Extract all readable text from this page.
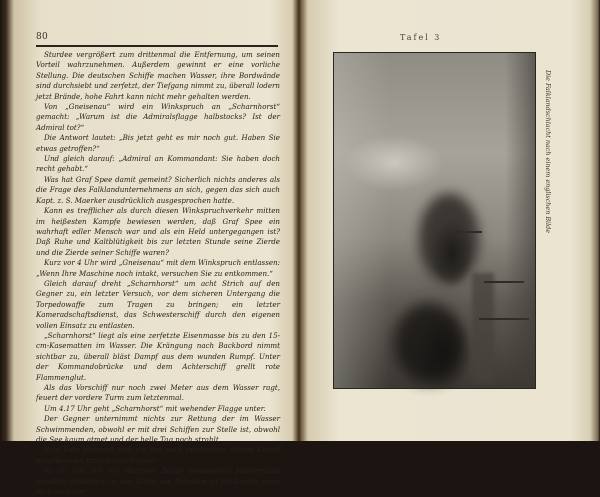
80

Sturdee vergrößert zum drittenmal die Entfernung, um seinen Vorteil wahrzunehmen. Außerdem gewinnt er eine vorliche Stellung. Die deutschen Schiffe machen Wasser, ihre Bordwände sind durchsiebt und zerfetzt, der Tiefgang nimmt zu, überall lodern jetzt Brände, hohe Fahrt kann nicht mehr gehalten werden.

Von „Gneisenau“ wird ein Winkspruch an „Scharnhorst“ gemacht: „Warum ist die Admiralsflagge halbstocks? Ist der Admiral tot?“

Die Antwort lautet: „Bis jetzt geht es mir noch gut. Haben Sie etwas getroffen?“

Und gleich darauf: „Admiral an Kommandant: Sie haben doch recht gehabt.“

Was hat Graf Spee damit gemeint? Sicherlich nichts anderes als die Frage des Falklandunternehmens an sich, gegen das sich auch Kapt. z. S. Maerker ausdrücklich ausgesprochen hatte.

Kann es trefflicher als durch diesen Winkspruchverkehr mitten im heißesten Kampfe bewiesen werden, daß Graf Spee ein wahrhaft edler Mensch war und als ein Held untergegangen ist? Daß Ruhe und Kaltblütigkeit bis zur letzten Stunde seine Zierde und die Zierde seiner Schiffe waren?

Kurz vor 4 Uhr wird „Gneisenau“ mit dem Winkspruch entlassen: „Wenn Ihre Maschine noch intakt, versuchen Sie zu entkommen.“

Gleich darauf dreht „Scharnhorst“ um acht Strich auf den Gegner zu, ein letzter Versuch, vor dem sicheren Untergang die Torpedowaffe zum Tragen zu bringen; ein letzter Kameradschaftsdienst, das Schwesterschiff durch den eigenen vollen Einsatz zu entlasten.

„Scharnhorst“ liegt als eine zerfetzte Eisenmasse bis zu den 15-cm-Kasematten im Wasser. Die Krängung nach Backbord nimmt sichtbar zu, überall bläst Dampf aus dem wunden Rumpf. Unter der Kommandobrücke und dem Achterschiff grellt rote Flammenglut.

Als das Vorschiff nur noch zwei Meter aus dem Wasser ragt, feuert der vordere Turm zum letztenmal.

Um 4.17 Uhr geht „Scharnhorst“ mit wehender Flagge unter.

Der Gegner unternimmt nichts zur Rettung der im Wasser Schwimmenden, obwohl er mit drei Schiffen zur Stelle ist, obwohl die See kaum atmet und der helle Tag noch strahlt.

Kein Bote kümmert sich um den noch erbitterten, zähem Kampf unterlegenen ritterlichen Gegner.

So ist uns nur ein stummer Zeuge bewiesenen Heldenmuts erhalten geblieben: an der Küste von Brasilien ist die Leiche eines Matrosen der

Tafel 3
Die Falklandschlacht nach einem englischen Bilde
